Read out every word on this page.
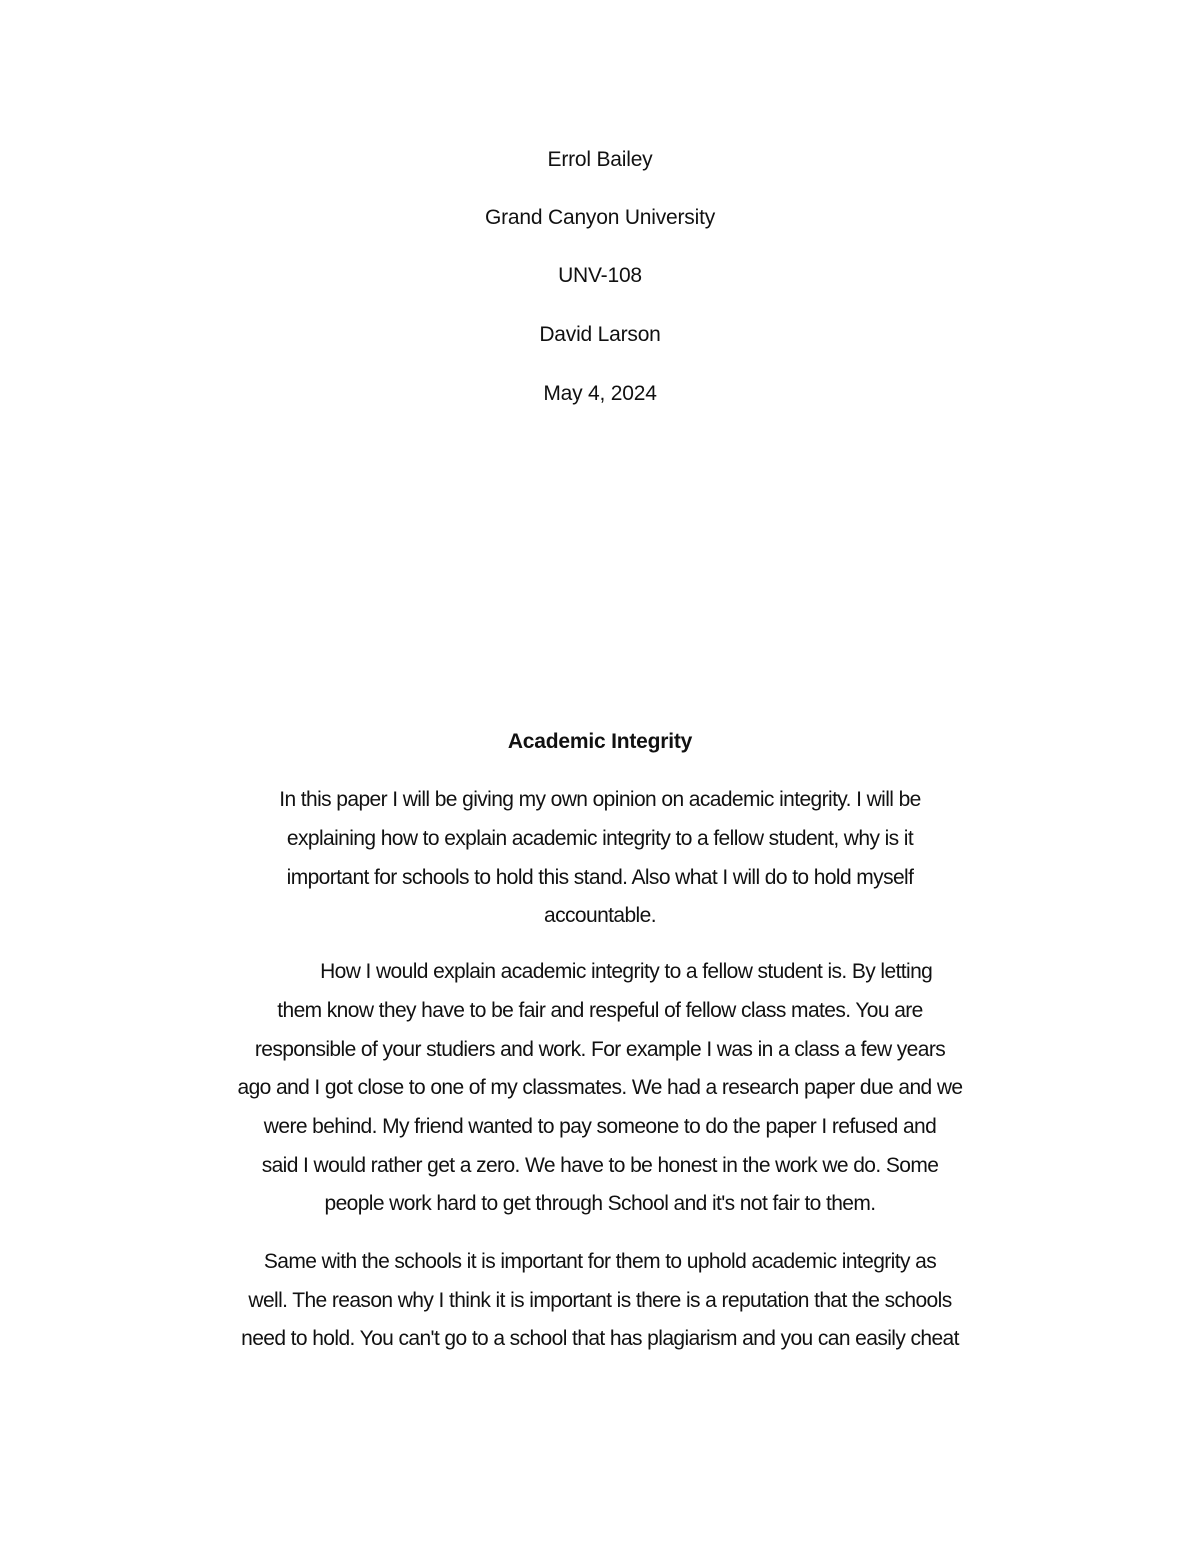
Errol Bailey
Grand Canyon University
UNV-108
David Larson
May 4, 2024
Academic Integrity
In this paper I will be giving my own opinion on academic integrity. I will be
explaining how to explain academic integrity to a fellow student, why is it
important for schools to hold this stand. Also what I will do to hold myself
accountable.
How I would explain academic integrity to a fellow student is. By letting
them know they have to be fair and respeful of fellow class mates. You are
responsible of your studiers and work. For example I was in a class a few years
ago and I got close to one of my classmates. We had a research paper due and we
were behind. My friend wanted to pay someone to do the paper I refused and
said I would rather get a zero. We have to be honest in the work we do. Some
people work hard to get through School and it's not fair to them.
Same with the schools it is important for them to uphold academic integrity as
well. The reason why I think it is important is there is a reputation that the schools
need to hold. You can't go to a school that has plagiarism and you can easily cheat
